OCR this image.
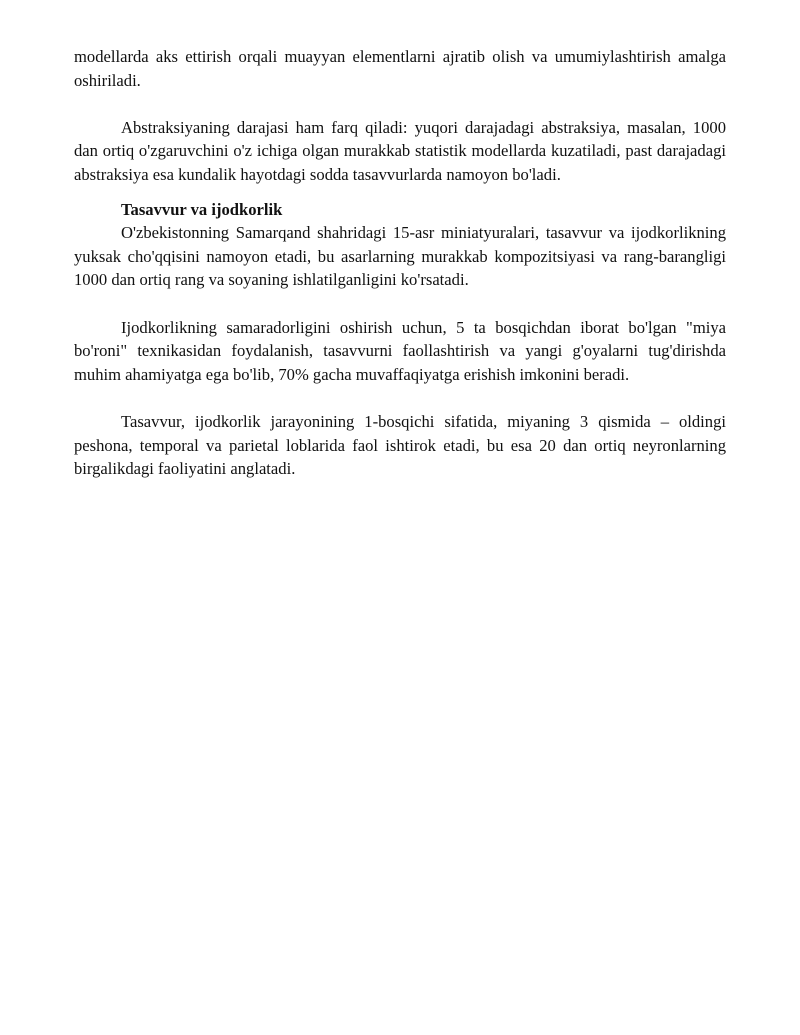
modellarda aks ettirish orqali muayyan elementlarni ajratib olish va umumiylashtirish amalga oshiriladi.

Abstraksiyaning darajasi ham farq qiladi: yuqori darajadagi abstraksiya, masalan, 1000 dan ortiq o'zgaruvchini o'z ichiga olgan murakkab statistik modellarda kuzatiladi, past darajadagi abstraksiya esa kundalik hayotdagi sodda tasavvurlarda namoyon bo'ladi.

Tasavvur va ijodkorlik

O'zbekistonning Samarqand shahridagi 15-asr miniatyuralari, tasavvur va ijodkorlikning yuksak cho'qqisini namoyon etadi, bu asarlarning murakkab kompozitsiyasi va rang-barangligi 1000 dan ortiq rang va soyaning ishlatilganligini ko'rsatadi.

Ijodkorlikning samaradorligini oshirish uchun, 5 ta bosqichdan iborat bo'lgan "miya bo'roni" texnikasidan foydalanish, tasavvurni faollashtirish va yangi g'oyalarni tug'dirishda muhim ahamiyatga ega bo'lib, 70% gacha muvaffaqiyatga erishish imkonini beradi.

Tasavvur, ijodkorlik jarayonining 1-bosqichi sifatida, miyaning 3 qismida – oldingi peshona, temporal va parietal loblarida faol ishtirok etadi, bu esa 20 dan ortiq neyronlarning birgalikdagi faoliyatini anglatadi.
